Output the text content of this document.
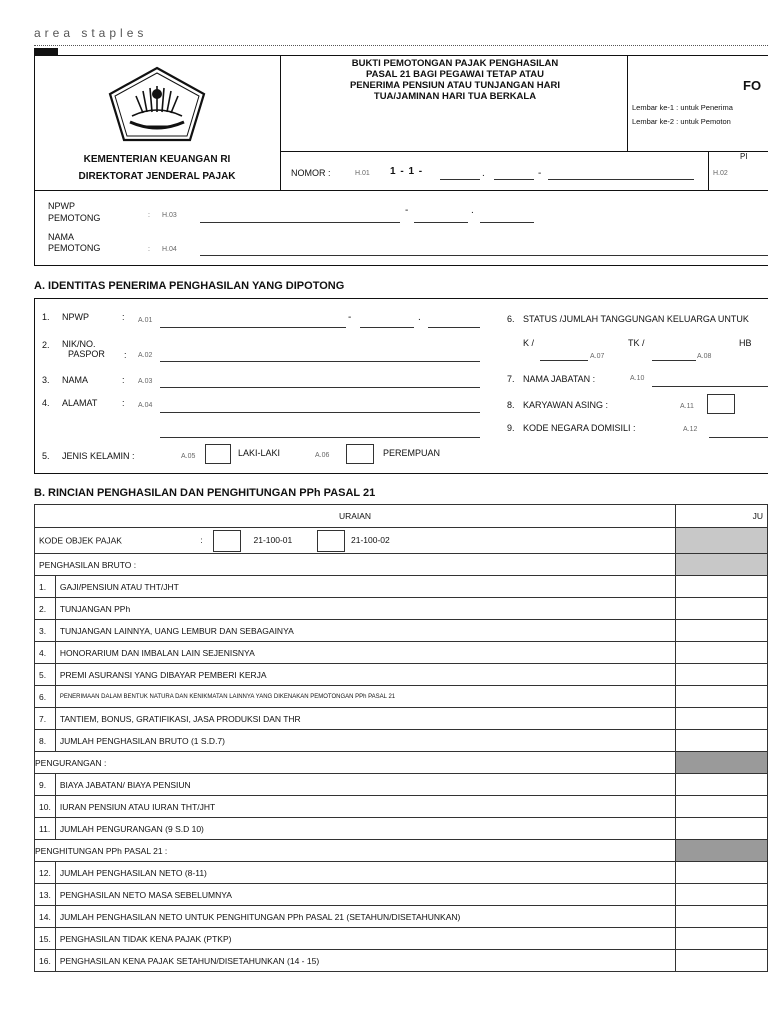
area staples
KEMENTERIAN KEUANGAN RI
DIREKTORAT JENDERAL PAJAK
BUKTI PEMOTONGAN PAJAK PENGHASILAN
PASAL 21 BAGI PEGAWAI TETAP ATAU
PENERIMA PENSIUN ATAU TUNJANGAN HARI
TUA/JAMINAN HARI TUA BERKALA
FO
Lembar ke-1 : untuk Penerima
Lembar ke-2 : untuk Pemoton
NOMOR :	H.01 1 - 1 -	.	-	H.02
PI
NPWP
PEMOTONG	: H.03	-	.
NAMA
PEMOTONG	: H.04
A. IDENTITAS PENERIMA PENGHASILAN YANG DIPOTONG
1. NPWP	: A.01	-	.
2. NIK/NO.
PASPOR : A.02
3. NAMA	: A.03
4. ALAMAT	: A.04
5. JENIS KELAMIN :	A.05	LAKI-LAKI	A.06	PEREMPUAN
6. STATUS /JUMLAH TANGGUNGAN KELUARGA UNTUK
K /
A.07
TK /
A.08
HB
7. NAMA JABATAN :	A.10
8. KARYAWAN ASING :	A.11
9. KODE NEGARA DOMISILI :	A.12
B. RINCIAN PENGHASILAN DAN PENGHITUNGAN PPh PASAL 21
URAIAN		JU
KODE OBJEK PAJAK : 21-100-01 21-100-02		
PENGHASILAN BRUTO :		
1.	GAJI/PENSIUN ATAU THT/JHT	
2.	TUNJANGAN PPh	
3.	TUNJANGAN LAINNYA, UANG LEMBUR DAN SEBAGAINYA	
4.	HONORARIUM DAN IMBALAN LAIN SEJENISNYA	
5.	PREMI ASURANSI YANG DIBAYAR PEMBERI KERJA	
6.	PENERIMAAN DALAM BENTUK NATURA DAN KENIKMATAN LAINNYA YANG DIKENAKAN PEMOTONGAN PPh PASAL 21	
7.	TANTIEM, BONUS, GRATIFIKASI, JASA PRODUKSI DAN THR	
8.	JUMLAH PENGHASILAN BRUTO (1 S.D.7)	
PENGURANGAN :		
9.	BIAYA JABATAN/ BIAYA PENSIUN	
10.	IURAN PENSIUN ATAU IURAN THT/JHT	
11.	JUMLAH PENGURANGAN (9 S.D 10)	
PENGHITUNGAN PPh PASAL 21 :		
12.	JUMLAH PENGHASILAN NETO (8-11)	
13.	PENGHASILAN NETO MASA SEBELUMNYA	
14.	JUMLAH PENGHASILAN NETO UNTUK PENGHITUNGAN PPh PASAL 21 (SETAHUN/DISETAHUNKAN)	
15.	PENGHASILAN TIDAK KENA PAJAK (PTKP)	
16.	PENGHASILAN KENA PAJAK SETAHUN/DISETAHUNKAN (14 - 15)	
